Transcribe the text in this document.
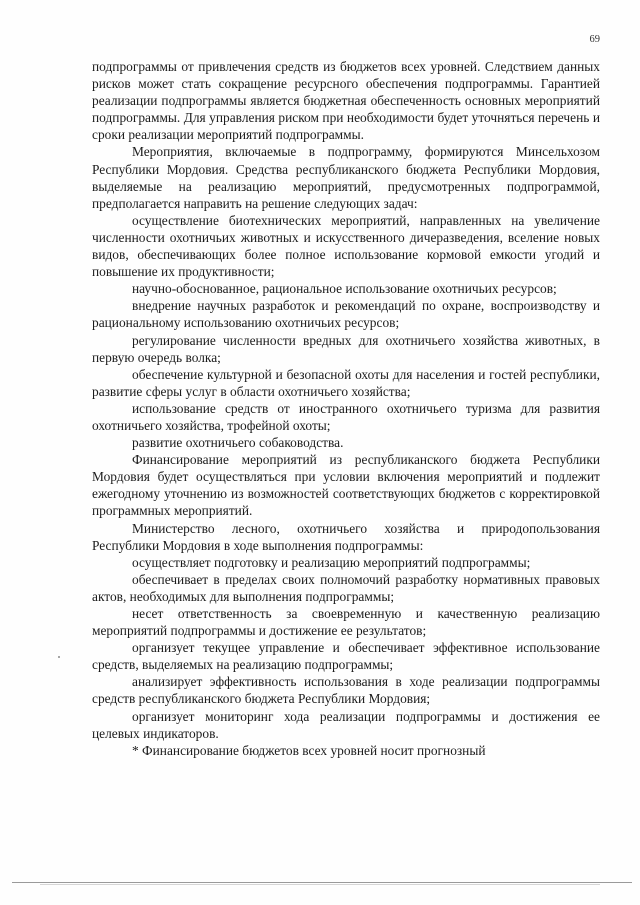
69

подпрограммы от привлечения средств из бюджетов всех уровней. Следствием данных рисков может стать сокращение ресурсного обеспечения подпрограммы. Гарантией реализации подпрограммы является бюджетная обеспеченность основных мероприятий подпрограммы. Для управления риском при необходимости будет уточняться перечень и сроки реализации мероприятий подпрограммы.

Мероприятия, включаемые в подпрограмму, формируются Минсельхозом Республики Мордовия. Средства республиканского бюджета Республики Мордовия, выделяемые на реализацию мероприятий, предусмотренных подпрограммой, предполагается направить на решение следующих задач:

осуществление биотехнических мероприятий, направленных на увеличение численности охотничьих животных и искусственного дичеразведения, вселение новых видов, обеспечивающих более полное использование кормовой емкости угодий и повышение их продуктивности;

научно-обоснованное, рациональное использование охотничьих ресурсов;

внедрение научных разработок и рекомендаций по охране, воспроизводству и рациональному использованию охотничьих ресурсов;

регулирование численности вредных для охотничьего хозяйства животных, в первую очередь волка;

обеспечение культурной и безопасной охоты для населения и гостей республики, развитие сферы услуг в области охотничьего хозяйства;

использование средств от иностранного охотничьего туризма для развития охотничьего хозяйства, трофейной охоты;

развитие охотничьего собаководства.

Финансирование мероприятий из республиканского бюджета Республики Мордовия будет осуществляться при условии включения мероприятий и подлежит ежегодному уточнению из возможностей соответствующих бюджетов с корректировкой программных мероприятий.

Министерство лесного, охотничьего хозяйства и природопользования Республики Мордовия в ходе выполнения подпрограммы:

осуществляет подготовку и реализацию мероприятий подпрограммы;

обеспечивает в пределах своих полномочий разработку нормативных правовых актов, необходимых для выполнения подпрограммы;

несет ответственность за своевременную и качественную реализацию мероприятий подпрограммы и достижение ее результатов;

организует текущее управление и обеспечивает эффективное использование средств, выделяемых на реализацию подпрограммы;

анализирует эффективность использования в ходе реализации подпрограммы средств республиканского бюджета Республики Мордовия;

организует мониторинг хода реализации подпрограммы и достижения ее целевых индикаторов.

* Финансирование бюджетов всех уровней носит прогнозный
